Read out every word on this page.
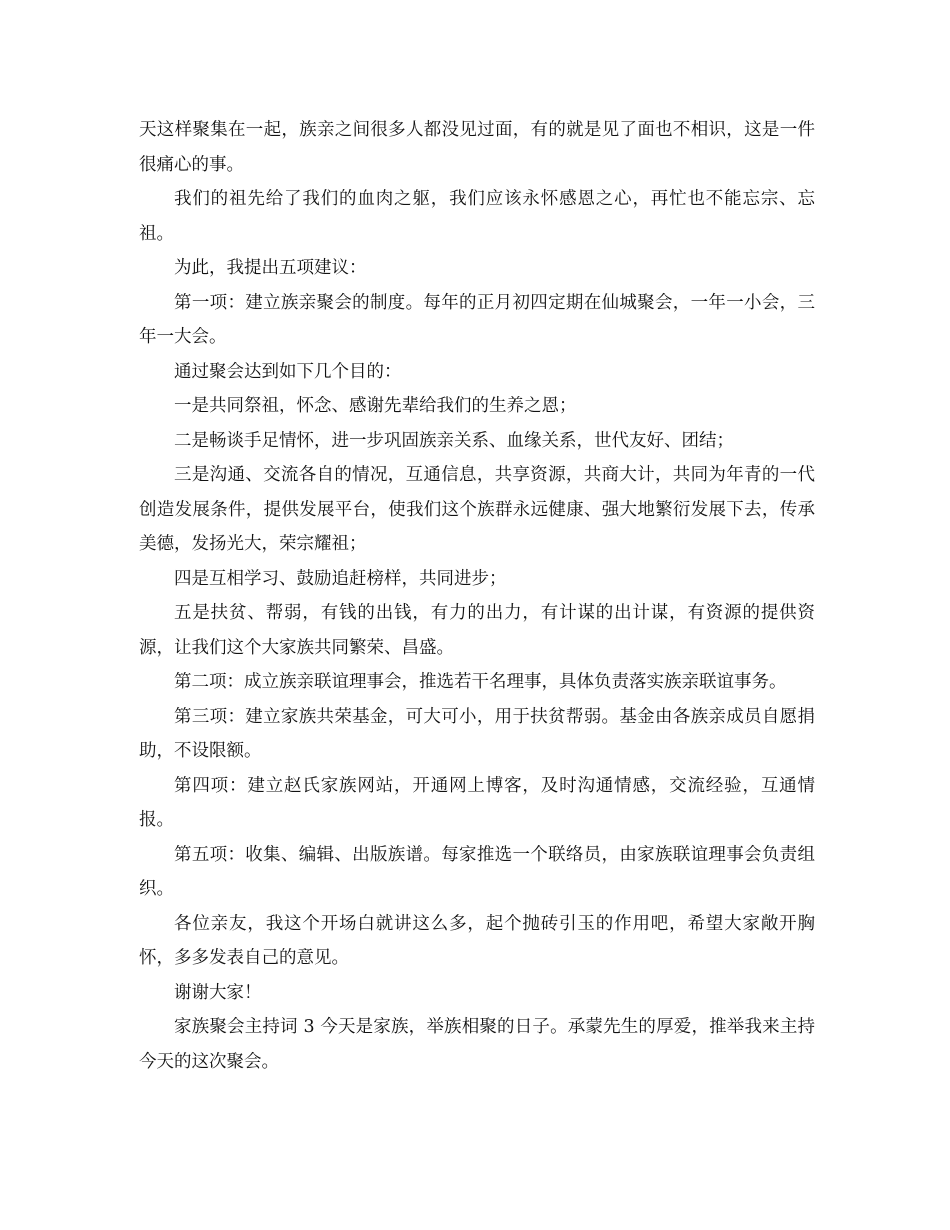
天这样聚集在一起，族亲之间很多人都没见过面，有的就是见了面也不相识，这是一件很痛心的事。

我们的祖先给了我们的血肉之躯，我们应该永怀感恩之心，再忙也不能忘宗、忘祖。

为此，我提出五项建议：

第一项：建立族亲聚会的制度。每年的正月初四定期在仙城聚会，一年一小会，三年一大会。

通过聚会达到如下几个目的：

一是共同祭祖，怀念、感谢先辈给我们的生养之恩；

二是畅谈手足情怀，进一步巩固族亲关系、血缘关系，世代友好、团结；

三是沟通、交流各自的情况，互通信息，共享资源，共商大计，共同为年青的一代创造发展条件，提供发展平台，使我们这个族群永远健康、强大地繁衍发展下去，传承美德，发扬光大，荣宗耀祖；

四是互相学习、鼓励追赶榜样，共同进步；

五是扶贫、帮弱，有钱的出钱，有力的出力，有计谋的出计谋，有资源的提供资源，让我们这个大家族共同繁荣、昌盛。

第二项：成立族亲联谊理事会，推选若干名理事，具体负责落实族亲联谊事务。

第三项：建立家族共荣基金，可大可小，用于扶贫帮弱。基金由各族亲成员自愿捐助，不设限额。

第四项：建立赵氏家族网站，开通网上博客，及时沟通情感，交流经验，互通情报。

第五项：收集、编辑、出版族谱。每家推选一个联络员，由家族联谊理事会负责组织。

各位亲友，我这个开场白就讲这么多，起个抛砖引玉的作用吧，希望大家敞开胸怀，多多发表自己的意见。

谢谢大家！

家族聚会主持词 3 今天是家族，举族相聚的日子。承蒙先生的厚爱，推举我来主持今天的这次聚会。
